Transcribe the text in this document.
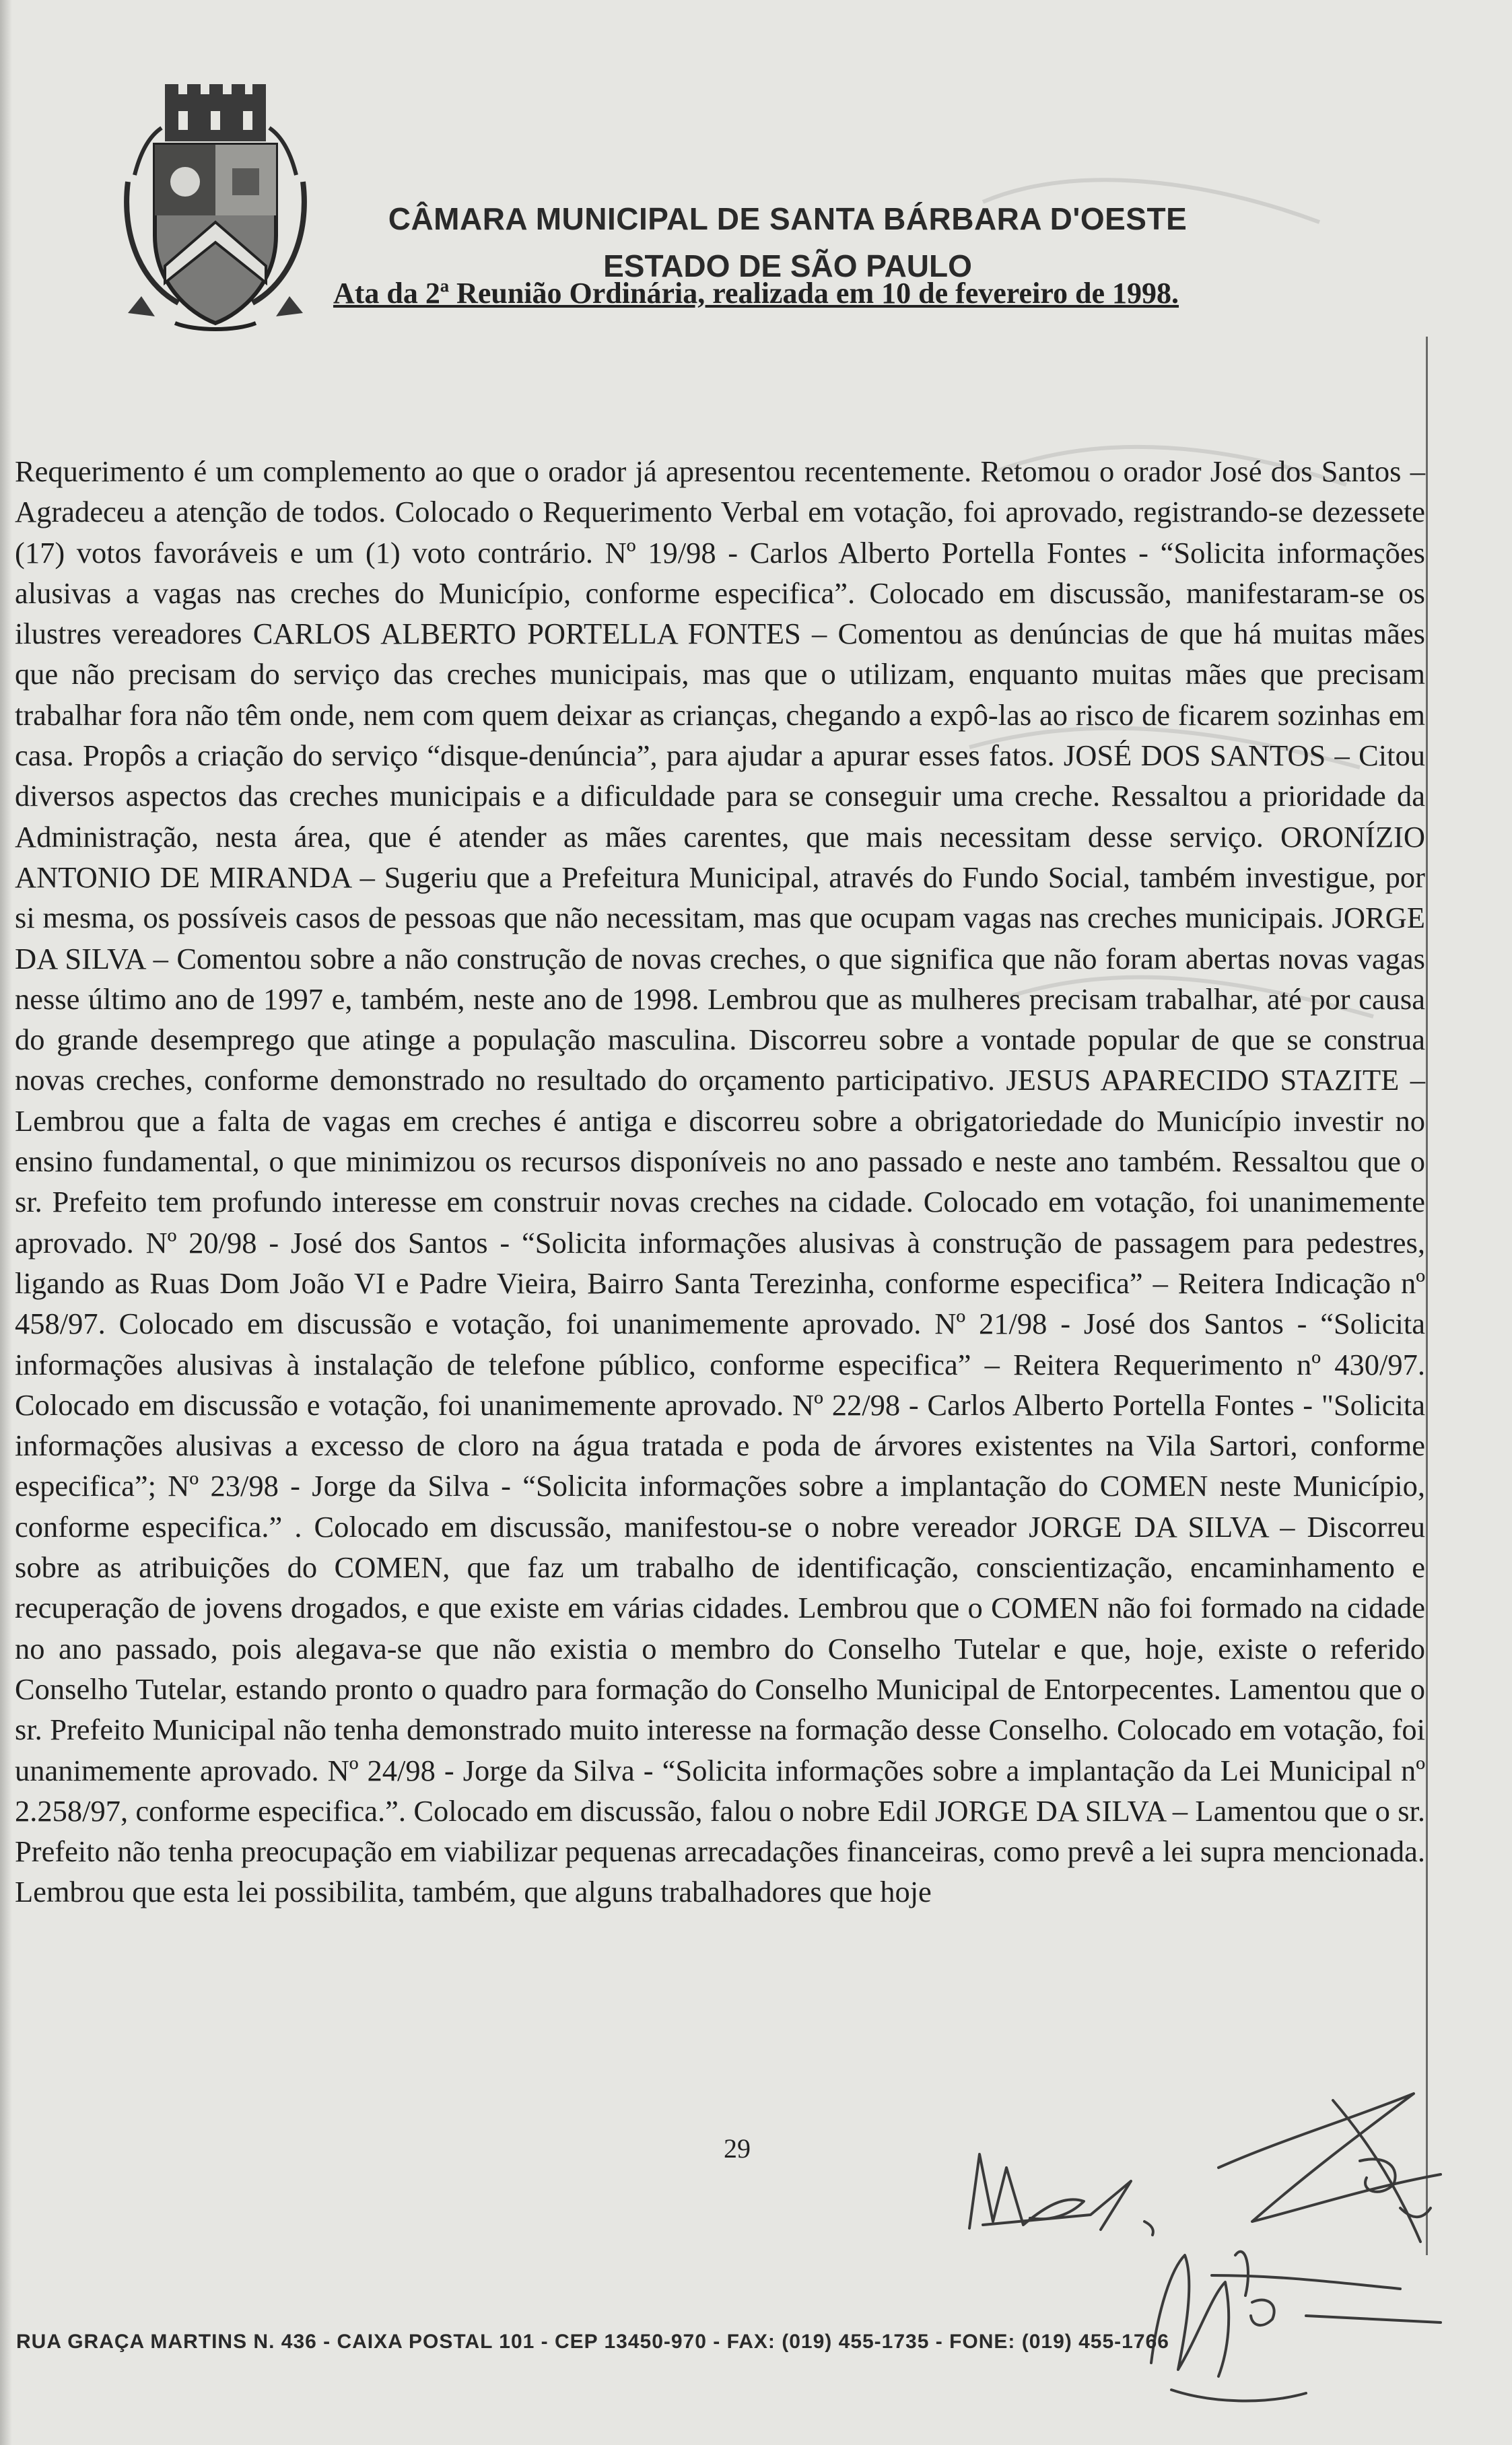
CÂMARA MUNICIPAL DE SANTA BÁRBARA D'OESTE
ESTADO DE SÃO PAULO
Ata da 2ª Reunião Ordinária, realizada em 10 de fevereiro de 1998.
Requerimento é um complemento ao que o orador já apresentou recentemente. Retomou o orador José dos Santos – Agradeceu a atenção de todos. Colocado o Requerimento Verbal em votação, foi aprovado, registrando-se dezessete (17) votos favoráveis e um (1) voto contrário. Nº 19/98 - Carlos Alberto Portella Fontes - “Solicita informações alusivas a vagas nas creches do Município, conforme especifica”. Colocado em discussão, manifestaram-se os ilustres vereadores CARLOS ALBERTO PORTELLA FONTES – Comentou as denúncias de que há muitas mães que não precisam do serviço das creches municipais, mas que o utilizam, enquanto muitas mães que precisam trabalhar fora não têm onde, nem com quem deixar as crianças, chegando a expô-las ao risco de ficarem sozinhas em casa. Propôs a criação do serviço “disque-denúncia”, para ajudar a apurar esses fatos. JOSÉ DOS SANTOS – Citou diversos aspectos das creches municipais e a dificuldade para se conseguir uma creche. Ressaltou a prioridade da Administração, nesta área, que é atender as mães carentes, que mais necessitam desse serviço. ORONÍZIO ANTONIO DE MIRANDA – Sugeriu que a Prefeitura Municipal, através do Fundo Social, também investigue, por si mesma, os possíveis casos de pessoas que não necessitam, mas que ocupam vagas nas creches municipais. JORGE DA SILVA – Comentou sobre a não construção de novas creches, o que significa que não foram abertas novas vagas nesse último ano de 1997 e, também, neste ano de 1998. Lembrou que as mulheres precisam trabalhar, até por causa do grande desemprego que atinge a população masculina. Discorreu sobre a vontade popular de que se construa novas creches, conforme demonstrado no resultado do orçamento participativo. JESUS APARECIDO STAZITE – Lembrou que a falta de vagas em creches é antiga e discorreu sobre a obrigatoriedade do Município investir no ensino fundamental, o que minimizou os recursos disponíveis no ano passado e neste ano também. Ressaltou que o sr. Prefeito tem profundo interesse em construir novas creches na cidade. Colocado em votação, foi unanimemente aprovado. Nº 20/98 - José dos Santos - “Solicita informações alusivas à construção de passagem para pedestres, ligando as Ruas Dom João VI e Padre Vieira, Bairro Santa Terezinha, conforme especifica” – Reitera Indicação nº 458/97. Colocado em discussão e votação, foi unanimemente aprovado. Nº 21/98 - José dos Santos - “Solicita informações alusivas à instalação de telefone público, conforme especifica” – Reitera Requerimento nº 430/97. Colocado em discussão e votação, foi unanimemente aprovado. Nº 22/98 - Carlos Alberto Portella Fontes - "Solicita informações alusivas a excesso de cloro na água tratada e poda de árvores existentes na Vila Sartori, conforme especifica”; Nº 23/98 - Jorge da Silva - “Solicita informações sobre a implantação do COMEN neste Município, conforme especifica.” . Colocado em discussão, manifestou-se o nobre vereador JORGE DA SILVA – Discorreu sobre as atribuições do COMEN, que faz um trabalho de identificação, conscientização, encaminhamento e recuperação de jovens drogados, e que existe em várias cidades. Lembrou que o COMEN não foi formado na cidade no ano passado, pois alegava-se que não existia o membro do Conselho Tutelar e que, hoje, existe o referido Conselho Tutelar, estando pronto o quadro para formação do Conselho Municipal de Entorpecentes. Lamentou que o sr. Prefeito Municipal não tenha demonstrado muito interesse na formação desse Conselho. Colocado em votação, foi unanimemente aprovado. Nº 24/98 - Jorge da Silva - “Solicita informações sobre a implantação da Lei Municipal nº 2.258/97, conforme especifica.”. Colocado em discussão, falou o nobre Edil JORGE DA SILVA – Lamentou que o sr. Prefeito não tenha preocupação em viabilizar pequenas arrecadações financeiras, como prevê a lei supra mencionada. Lembrou que esta lei possibilita, também, que alguns trabalhadores que hoje
29
RUA GRAÇA MARTINS N. 436 - CAIXA POSTAL 101 - CEP 13450-970 - FAX: (019) 455-1735 - FONE: (019) 455-1766
